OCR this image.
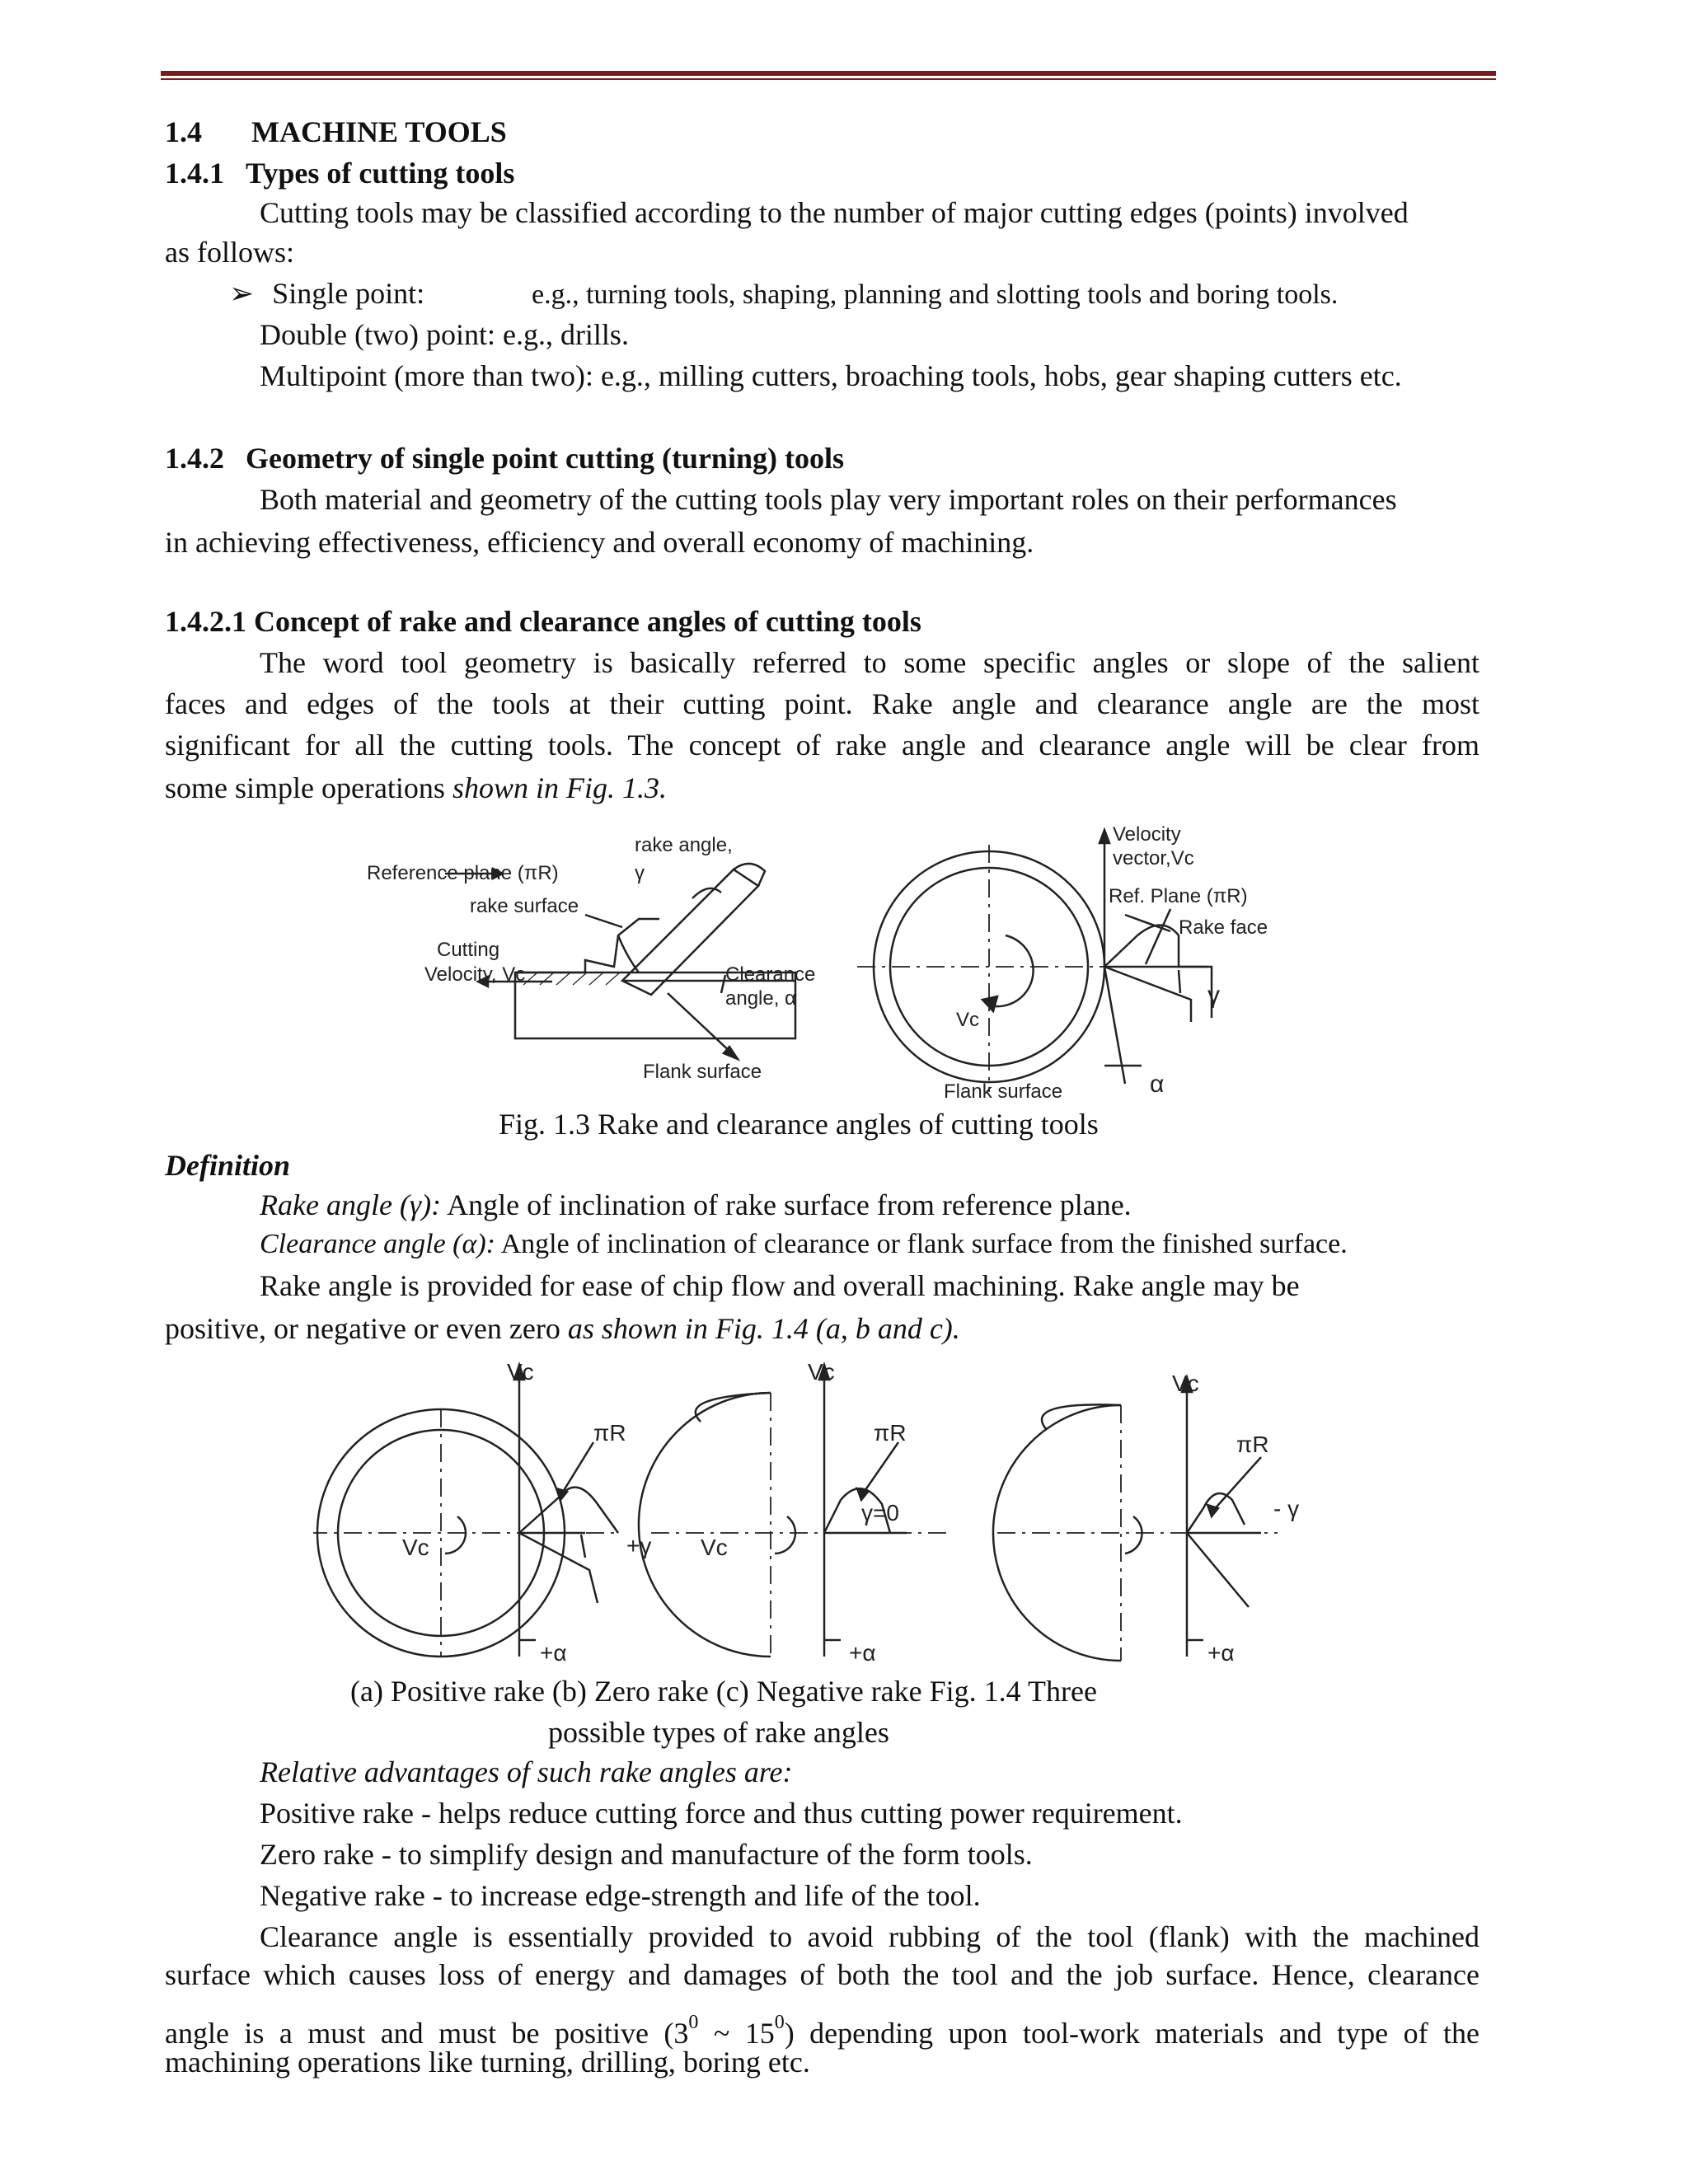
1.4 MACHINE TOOLS
1.4.1 Types of cutting tools
Cutting tools may be classified according to the number of major cutting edges (points) involved
as follows:
➢ Single point:	e.g., turning tools, shaping, planning and slotting tools and boring tools.
Double (two) point: e.g., drills.
Multipoint (more than two): e.g., milling cutters, broaching tools, hobs, gear shaping cutters etc.
1.4.2 Geometry of single point cutting (turning) tools
Both material and geometry of the cutting tools play very important roles on their performances
in achieving effectiveness, efficiency and overall economy of machining.
1.4.2.1 Concept of rake and clearance angles of cutting tools
The word tool geometry is basically referred to some specific angles or slope of the salient
faces and edges of the tools at their cutting point. Rake angle and clearance angle are the most
significant for all the cutting tools. The concept of rake angle and clearance angle will be clear from
some simple operations shown in Fig. 1.3.
Reference plane (πR)
rake angle,
γ
rake surface
Cutting
Velocity, Vc	Clearance
angle, α
Flank surface
Velocity
vector,Vc
Ref. Plane (πR)
Rake face
γ
Vc
Flank surface	α
Fig. 1.3 Rake and clearance angles of cutting tools
Definition
Rake angle (γ): Angle of inclination of rake surface from reference plane.
Clearance angle (α): Angle of inclination of clearance or flank surface from the finished surface.
Rake angle is provided for ease of chip flow and overall machining. Rake angle may be
positive, or negative or even zero as shown in Fig. 1.4 (a, b and c).
Vc
Vc
πR
+γ
+α
Vc
Vc
πR
γ=0
+α
Vc
πR
- γ
+α
(a) Positive rake (b) Zero rake (c) Negative rake Fig. 1.4 Three
possible types of rake angles
Relative advantages of such rake angles are:
Positive rake - helps reduce cutting force and thus cutting power requirement.
Zero rake - to simplify design and manufacture of the form tools.
Negative rake - to increase edge-strength and life of the tool.
Clearance angle is essentially provided to avoid rubbing of the tool (flank) with the machined
surface which causes loss of energy and damages of both the tool and the job surface. Hence, clearance
angle is a must and must be positive ($3^0$ ~ $15^0$) depending upon tool-work materials and type of the
machining operations like turning, drilling, boring etc.
